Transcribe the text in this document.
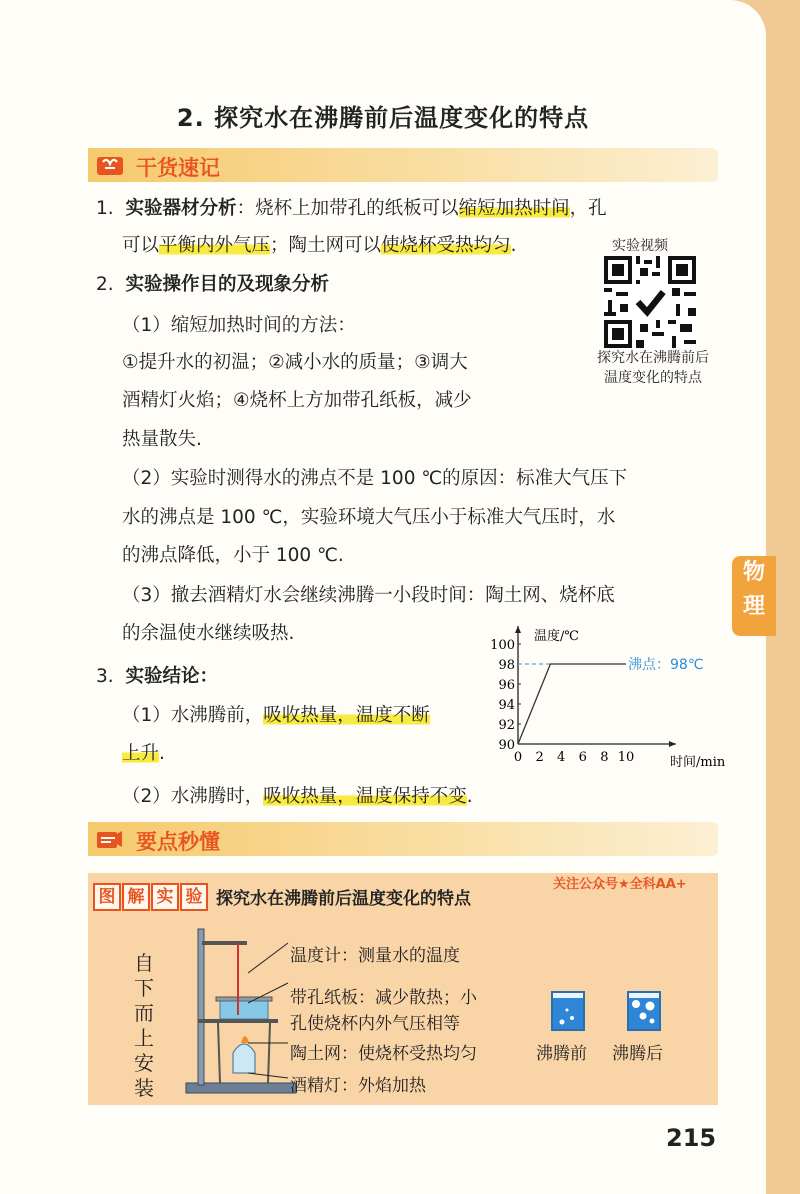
2. 探究水在沸腾前后温度变化的特点
干货速记
1. 实验器材分析：烧杯上加带孔的纸板可以缩短加热时间，孔
可以平衡内外气压；陶土网可以使烧杯受热均匀.	实验视频
探究水在沸腾前后
温度变化的特点
2. 实验操作目的及现象分析
（1）缩短加热时间的方法：
①提升水的初温；②减小水的质量；③调大
酒精灯火焰；④烧杯上方加带孔纸板，减少
热量散失.
（2）实验时测得水的沸点不是 100 ℃的原因：标准大气压下
水的沸点是 100 ℃，实验环境大气压小于标准大气压时，水
的沸点降低，小于 100 ℃.
（3）撤去酒精灯水会继续沸腾一小段时间：陶土网、烧杯底
的余温使水继续吸热.
3. 实验结论：
（1）水沸腾前，吸收热量，温度不断
上升.
（2）水沸腾时，吸收热量，温度保持不变.
温度/℃
时间/min
90
92
94
96
98
100
0 2 4 6 8 10
沸点：98℃
要点秒懂
图 解 实 验 探究水在沸腾前后温度变化的特点
关注公众号★全科AA+
自
下
而
上
安
装
温度计：测量水的温度
带孔纸板：减少散热；小
孔使烧杯内外气压相等
陶土网：使烧杯受热均匀
酒精灯：外焰加热
沸腾前 沸腾后
215
物
理
